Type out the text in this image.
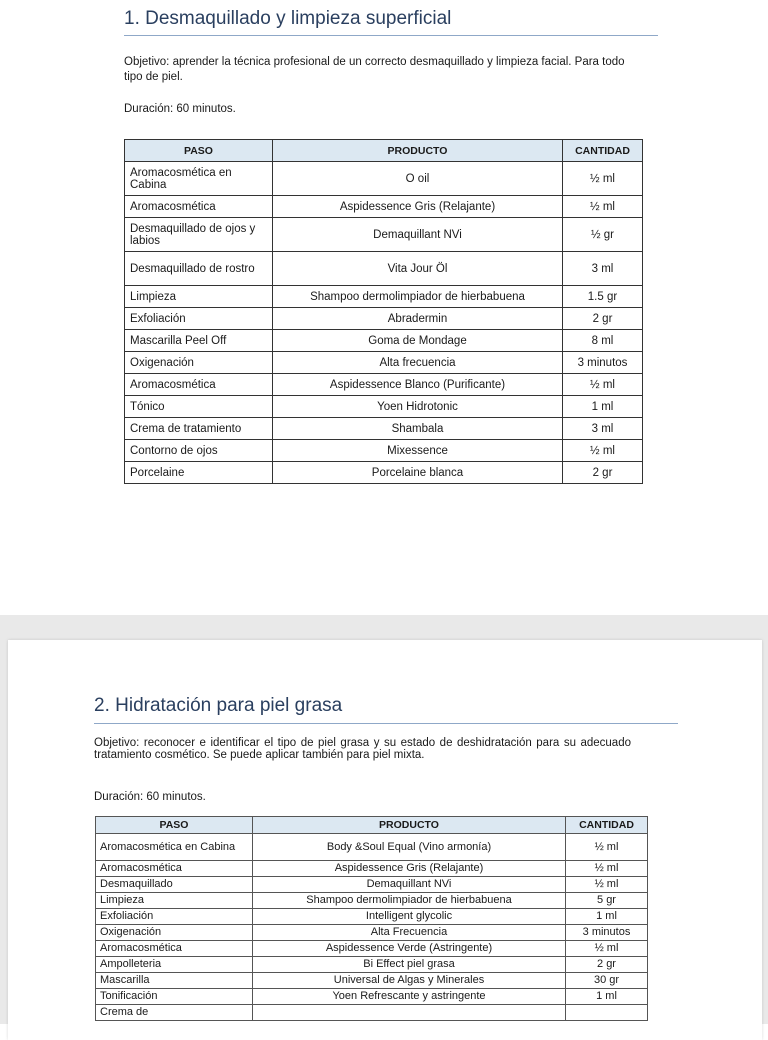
1. Desmaquillado y limpieza superficial
Objetivo: aprender la técnica profesional de un correcto desmaquillado y limpieza facial. Para todo tipo de piel.
Duración: 60 minutos.
PASO	PRODUCTO	CANTIDAD
Aromacosmética en Cabina	O oil	½ ml
Aromacosmética	Aspidessence Gris (Relajante)	½ ml
Desmaquillado de ojos y labios	Demaquillant NVi	½ gr
Desmaquillado de rostro	Vita Jour Öl	3 ml
Limpieza	Shampoo dermolimpiador de hierbabuena	1.5 gr
Exfoliación	Abradermin	2 gr
Mascarilla Peel Off	Goma de Mondage	8 ml
Oxigenación	Alta frecuencia	3 minutos
Aromacosmética	Aspidessence Blanco (Purificante)	½ ml
Tónico	Yoen Hidrotonic	1 ml
Crema de tratamiento	Shambala	3 ml
Contorno de ojos	Mixessence	½ ml
Porcelaine	Porcelaine blanca	2 gr
2. Hidratación para piel grasa
Objetivo: reconocer e identificar el tipo de piel grasa y su estado de deshidratación para su adecuado tratamiento cosmético. Se puede aplicar también para piel mixta.
Duración: 60 minutos.
PASO	PRODUCTO	CANTIDAD
Aromacosmética en Cabina	Body &Soul Equal (Vino armonía)	½ ml
Aromacosmética	Aspidessence Gris (Relajante)	½ ml
Desmaquillado	Demaquillant NVi	½ ml
Limpieza	Shampoo dermolimpiador de hierbabuena	5 gr
Exfoliación	Intelligent glycolic	1 ml
Oxigenación	Alta Frecuencia	3 minutos
Aromacosmética	Aspidessence Verde (Astringente)	½ ml
Ampolleteria	Bi Effect piel grasa	2 gr
Mascarilla	Universal de Algas y Minerales	30 gr
Tonificación	Yoen Refrescante y astringente	1 ml
Crema de		
